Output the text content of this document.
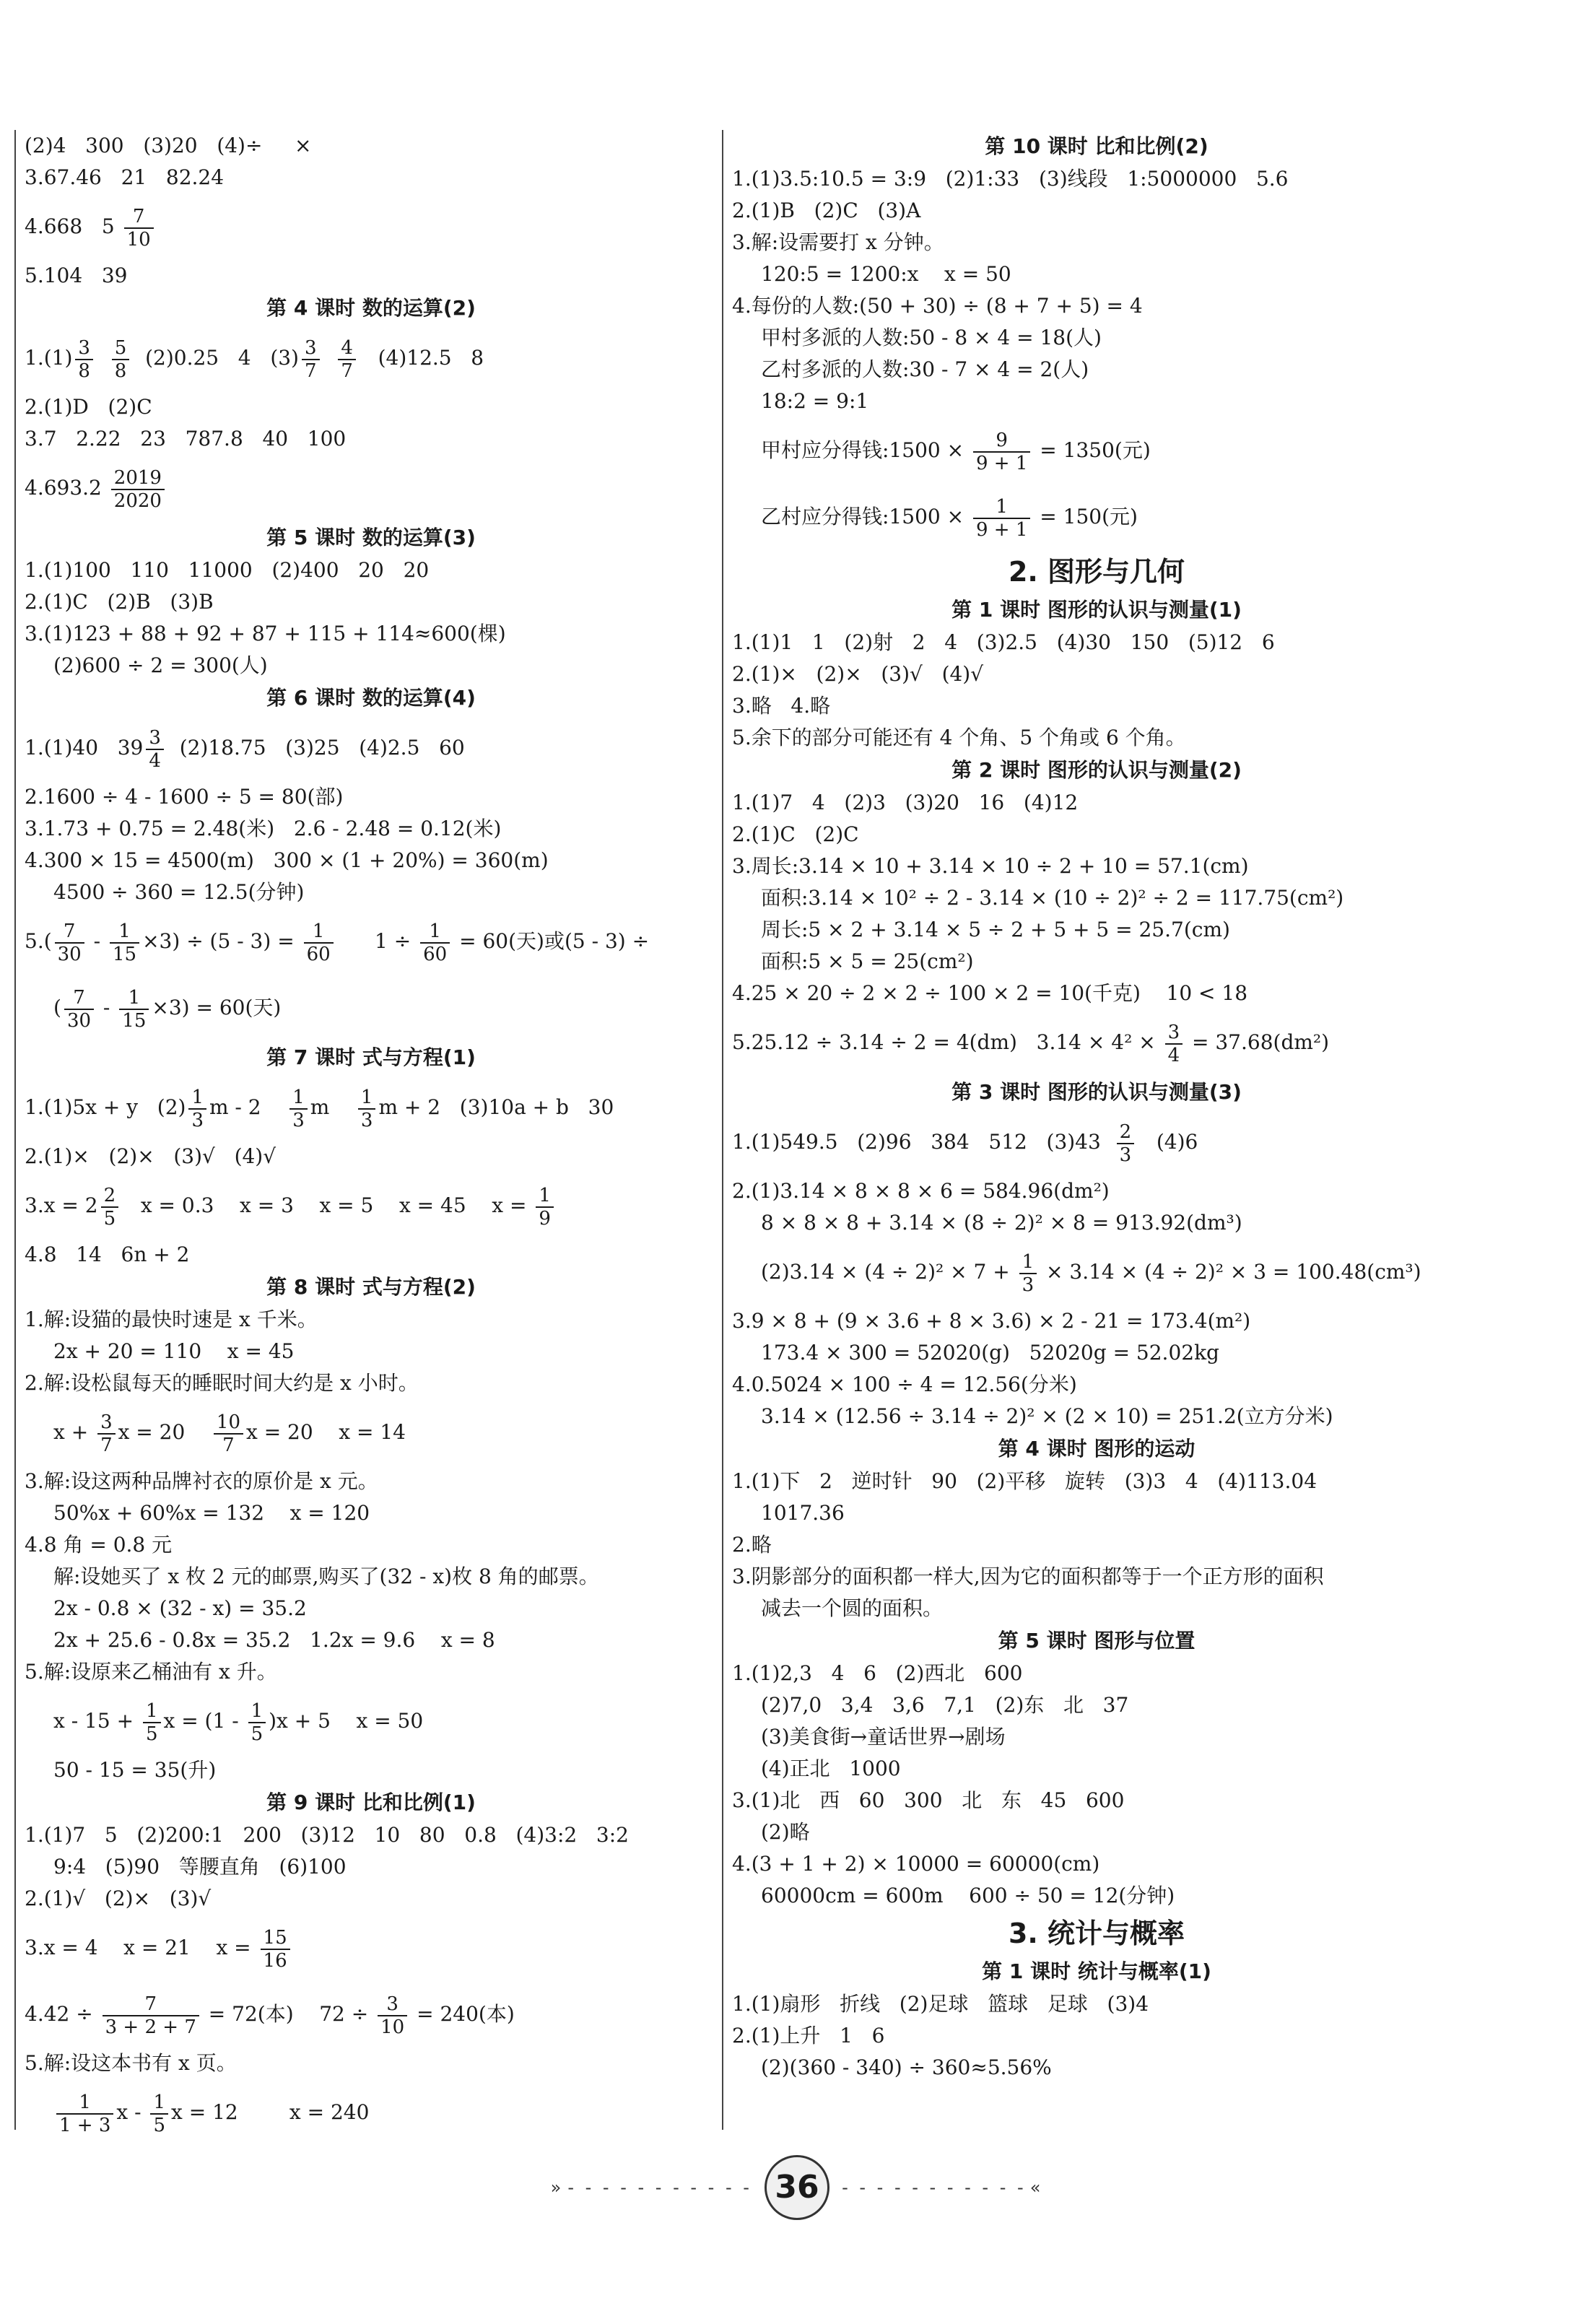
(2)4   300   (3)20   (4)÷     ×
3.67.46   21   82.24
4.668   $5 \frac{7}{10}$
5.104   39
第 4 课时 数的运算(2)
$1.(1) \frac{3}{8}$
$\frac{5}{8} (2)0.25$   4   $(3) \frac{3}{7}$
$\frac{4}{7} (4)12.5$   8
2.(1)D   (2)C
3.7   2.22   23   787.8   40   100
$4.693.2 \frac{2019}{2020}$
第 5 课时 数的运算(3)
1.(1)100   110   11000   (2)400   20   20
2.(1)C   (2)B   (3)B
3.(1)123 + 88 + 92 + 87 + 115 + 114≈600(棵)
(2)600 ÷ 2 = 300(人)
第 6 课时 数的运算(4)
1.(1)40   $39 \frac{3}{4} (2)18.75$   (3)25   (4)2.5   60
2.1600 ÷ 4 - 1600 ÷ 5 = 80(部)
3.1.73 + 0.75 = 2.48(米)   2.6 - 2.48 = 0.12(米)
4.300 × 15 = 4500(m)   300 × (1 + 20%) = 360(m)
4500 ÷ 360 = 12.5(分钟)
$5.( \frac{7}{30} - \frac{1}{15} \times 3) \div (5 - 3) = \frac{1}{60} 1 \div \frac{1}{60} = 60$(天)或(5 - 3) ÷
( $\frac{7}{30} - \frac{1}{15} \times 3) = 60$(天)
第 7 课时 式与方程(1)
1.(1)5x + y   $(2) \frac{1}{3}$ m - $2 \frac{1}{3}$ m $\frac{1}{3}$ m + 2   (3)10a + b   30
2.(1)×   (2)×   (3)√   (4)√
$3.x = 2 \frac{2}{5}$ x = 0.3    x = 3    x = 5    x = 45    $x = \frac{1}{9}$
4.8   14   6n + 2
第 8 课时 式与方程(2)
1.解:设猫的最快时速是 x 千米。
2x + 20 = 110    x = 45
2.解:设松鼠每天的睡眠时间大约是 x 小时。
$x + \frac{3}{7}$ $x = 20 \frac{10}{7}$ x = 20    x = 14
3.解:设这两种品牌衬衣的原价是 x 元。
50%x + 60%x = 132    x = 120
4.8 角 = 0.8 元
解:设她买了 x 枚 2 元的邮票,购买了(32 - x)枚 8 角的邮票。
2x - 0.8 × (32 - x) = 35.2
2x + 25.6 - 0.8x = 35.2   1.2x = 9.6    x = 8
5.解:设原来乙桶油有 x 升。
$x - 15 + \frac{1}{5}$ $x = (1 - \frac{1}{5} )x + 5$    x = 50
50 - 15 = 35(升)
第 9 课时 比和比例(1)
1.(1)7   5   (2)200:1   200   (3)12   10   80   0.8   (4)3:2   3:2
9:4   (5)90   等腰直角   (6)100
2.(1)√   (2)×   (3)√
3.x = 4    x = 21    $x = \frac{15}{16}$
$4.42 \div \frac{7}{3 + 2 + 7} = 72$(本)    $72 \div \frac{3}{10} = 240$(本)
5.解:设这本书有 x 页。
$\frac{1}{1 + 3}$ x - $\frac{1}{5}$ x = 12        x = 240
第 10 课时 比和比例(2)
1.(1)3.5:10.5 = 3:9   (2)1:33   (3)线段   1:5000000   5.6
2.(1)B   (2)C   (3)A
3.解:设需要打 x 分钟。
120:5 = 1200:x    x = 50
4.每份的人数:(50 + 30) ÷ (8 + 7 + 5) = 4
甲村多派的人数:50 - 8 × 4 = 18(人)
乙村多派的人数:30 - 7 × 4 = 2(人)
18:2 = 9:1
甲村应分得钱:1500 × $\frac{9}{9 + 1} = 1350$(元)
乙村应分得钱:1500 × $\frac{1}{9 + 1} = 150$(元)
2. 图形与几何
第 1 课时 图形的认识与测量(1)
1.(1)1   1   (2)射   2   4   (3)2.5   (4)30   150   (5)12   6
2.(1)×   (2)×   (3)√   (4)√
3.略   4.略
5.余下的部分可能还有 4 个角、5 个角或 6 个角。
第 2 课时 图形的认识与测量(2)
1.(1)7   4   (2)3   (3)20   16   (4)12
2.(1)C   (2)C
3.周长:3.14 × 10 + 3.14 × 10 ÷ 2 + 10 = 57.1(cm)
面积:3.14 × 10² ÷ 2 - 3.14 × (10 ÷ 2)² ÷ 2 = 117.75(cm²)
周长:5 × 2 + 3.14 × 5 ÷ 2 + 5 + 5 = 25.7(cm)
面积:5 × 5 = 25(cm²)
4.25 × 20 ÷ 2 × 2 ÷ 100 × 2 = 10(千克)    10 < 18
5.25.12 ÷ 3.14 ÷ 2 = 4(dm)   $3.14 \times 4^2 \times \frac{3}{4} = 37.68(dm^2)$
第 3 课时 图形的认识与测量(3)
1.(1)549.5   (2)96   384   512   $(3)43 \frac{2}{3} (4)6$
2.(1)3.14 × 8 × 8 × 6 = 584.96(dm²)
8 × 8 × 8 + 3.14 × (8 ÷ 2)² × 8 = 913.92(dm³)
$(2)3.14 \times (4 \div 2)^2 \times 7 + \frac{1}{3} \times 3.14 \times (4 \div 2)^2 \times 3 = 100.48(cm^3)$
3.9 × 8 + (9 × 3.6 + 8 × 3.6) × 2 - 21 = 173.4(m²)
173.4 × 300 = 52020(g)   52020g = 52.02kg
4.0.5024 × 100 ÷ 4 = 12.56(分米)
3.14 × (12.56 ÷ 3.14 ÷ 2)² × (2 × 10) = 251.2(立方分米)
第 4 课时 图形的运动
1.(1)下   2   逆时针   90   (2)平移   旋转   (3)3   4   (4)113.04
1017.36
2.略
3.阴影部分的面积都一样大,因为它的面积都等于一个正方形的面积
减去一个圆的面积。
第 5 课时 图形与位置
1.(1)2,3   4   6   (2)西北   600
(2)7,0   3,4   3,6   7,1   (2)东   北   37
(3)美食街→童话世界→剧场
(4)正北   1000
3.(1)北   西   60   300   北   东   45   600
(2)略
4.(3 + 1 + 2) × 10000 = 60000(cm)
60000cm = 600m    600 ÷ 50 = 12(分钟)
3. 统计与概率
第 1 课时 统计与概率(1)
1.(1)扇形   折线   (2)足球   篮球   足球   (3)4
2.(1)上升   1   6
(2)(360 - 340) ÷ 360≈5.56%
» - - - - - - - - - - - 36 - - - - - - - - - - - «
